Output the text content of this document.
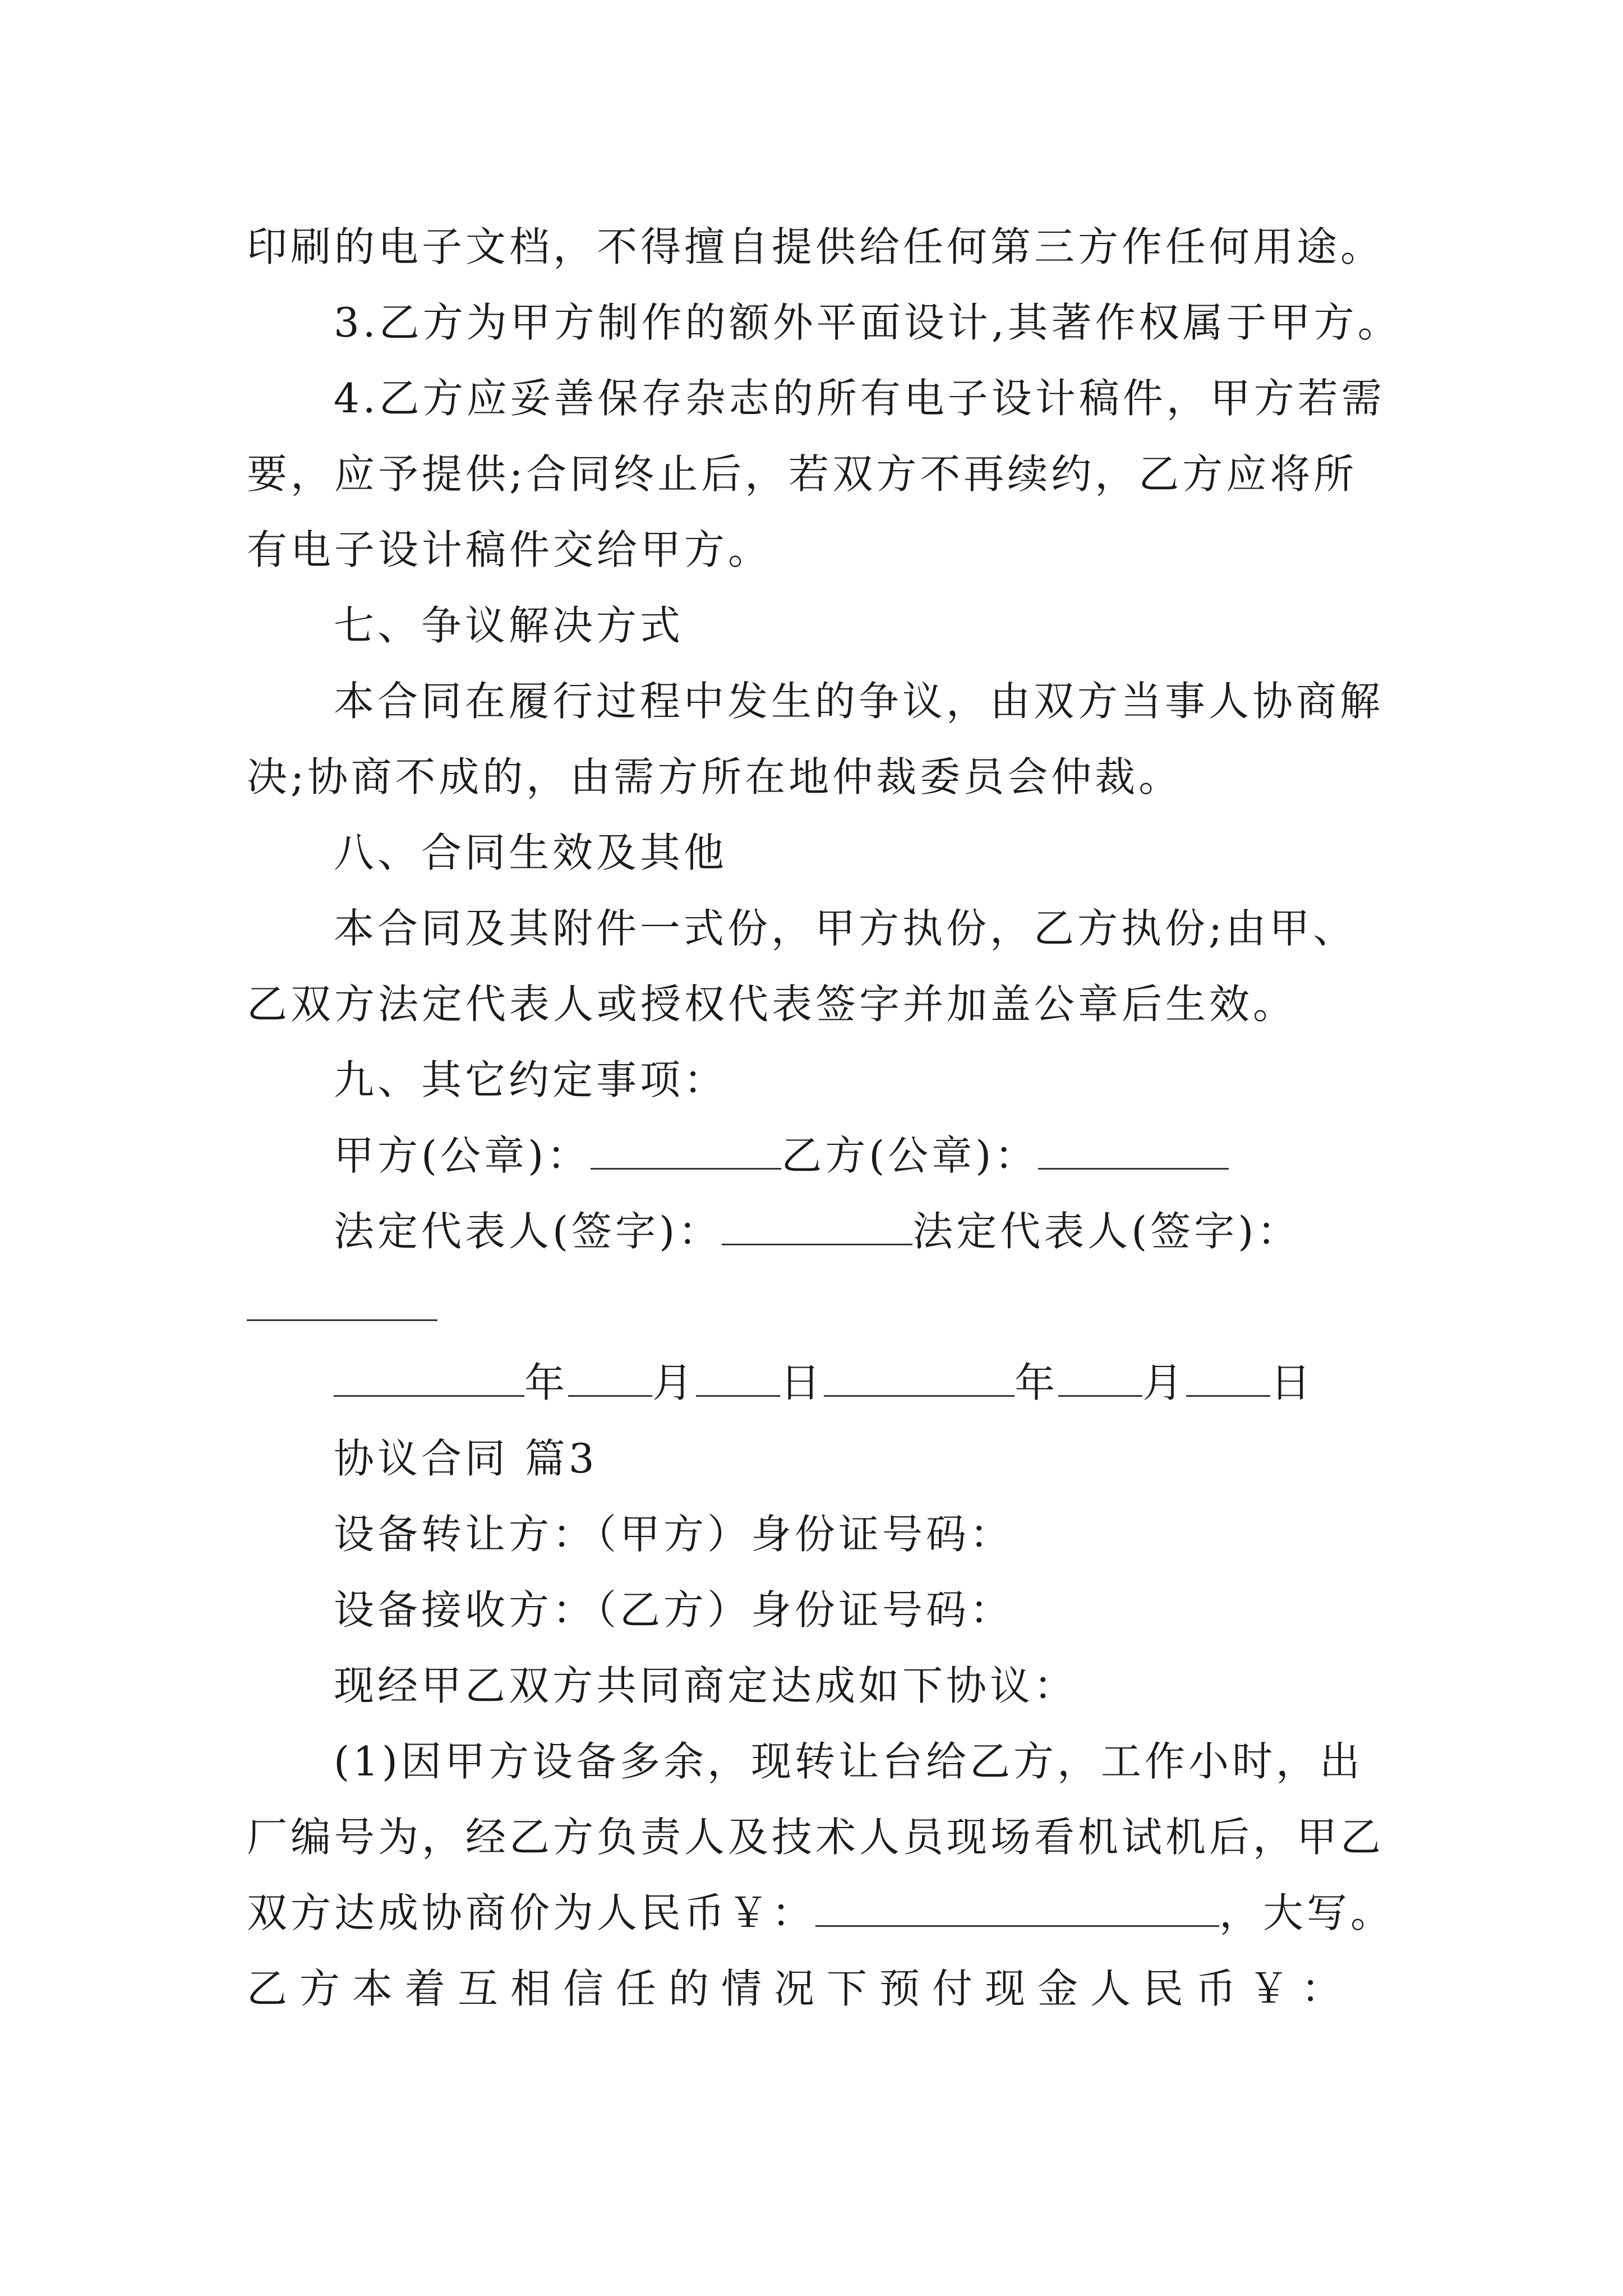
印刷的电子文档，不得擅自提供给任何第三方作任何用途。
3.乙方为甲方制作的额外平面设计,其著作权属于甲方。
4.乙方应妥善保存杂志的所有电子设计稿件，甲方若需
要，应予提供;合同终止后，若双方不再续约，乙方应将所
有电子设计稿件交给甲方。
七、争议解决方式
本合同在履行过程中发生的争议，由双方当事人协商解
决;协商不成的，由需方所在地仲裁委员会仲裁。
八、合同生效及其他
本合同及其附件一式份，甲方执份，乙方执份;由甲、
乙双方法定代表人或授权代表签字并加盖公章后生效。
九、其它约定事项：
甲方(公章)：	乙方(公章)：
法定代表人(签字)：	法定代表人(签字)：
年 月 日	年 月 日
协议合同 篇3
设备转让方：（甲方）身份证号码：
设备接收方：（乙方）身份证号码：
现经甲乙双方共同商定达成如下协议：
(1)因甲方设备多余，现转让台给乙方，工作小时，出
厂编号为，经乙方负责人及技术人员现场看机试机后，甲乙
双方达成协商价为人民币￥：	，大写。
乙方本着互相信任的情况下预付现金人民币￥：
